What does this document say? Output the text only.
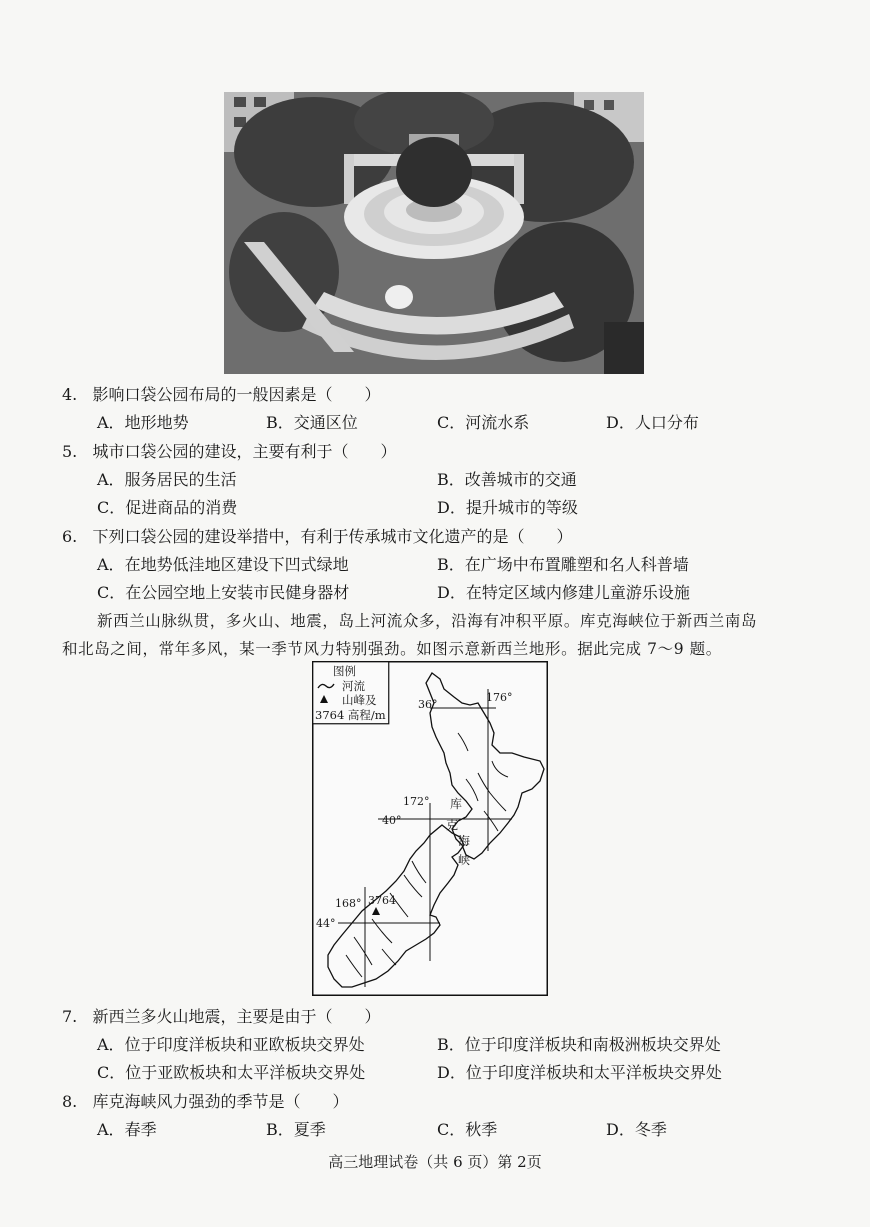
4. 影响口袋公园布局的一般因素是（　　）
A．地形地势	B．交通区位	C．河流水系	D．人口分布
5. 城市口袋公园的建设，主要有利于（　　）
A．服务居民的生活	B．改善城市的交通
C．促进商品的消费	D．提升城市的等级
6. 下列口袋公园的建设举措中，有利于传承城市文化遗产的是（　　）
A．在地势低洼地区建设下凹式绿地	B．在广场中布置雕塑和名人科普墙
C．在公园空地上安装市民健身器材	D．在特定区域内修建儿童游乐设施
新西兰山脉纵贯，多火山、地震，岛上河流众多，沿海有冲积平原。库克海峡位于新西兰南岛
和北岛之间，常年多风，某一季节风力特别强劲。如图示意新西兰地形。据此完成 7～9 题。
图例
河流
山峰及
3764 高程/m
176°
36°
172°
40°
168°
44°
3764
库
克
海
峡
7. 新西兰多火山地震，主要是由于（　　）
A．位于印度洋板块和亚欧板块交界处	B．位于印度洋板块和南极洲板块交界处
C．位于亚欧板块和太平洋板块交界处	D．位于印度洋板块和太平洋板块交界处
8. 库克海峡风力强劲的季节是（　　）
A．春季	B．夏季	C．秋季	D．冬季
高三地理试卷（共 6 页）第 2页
